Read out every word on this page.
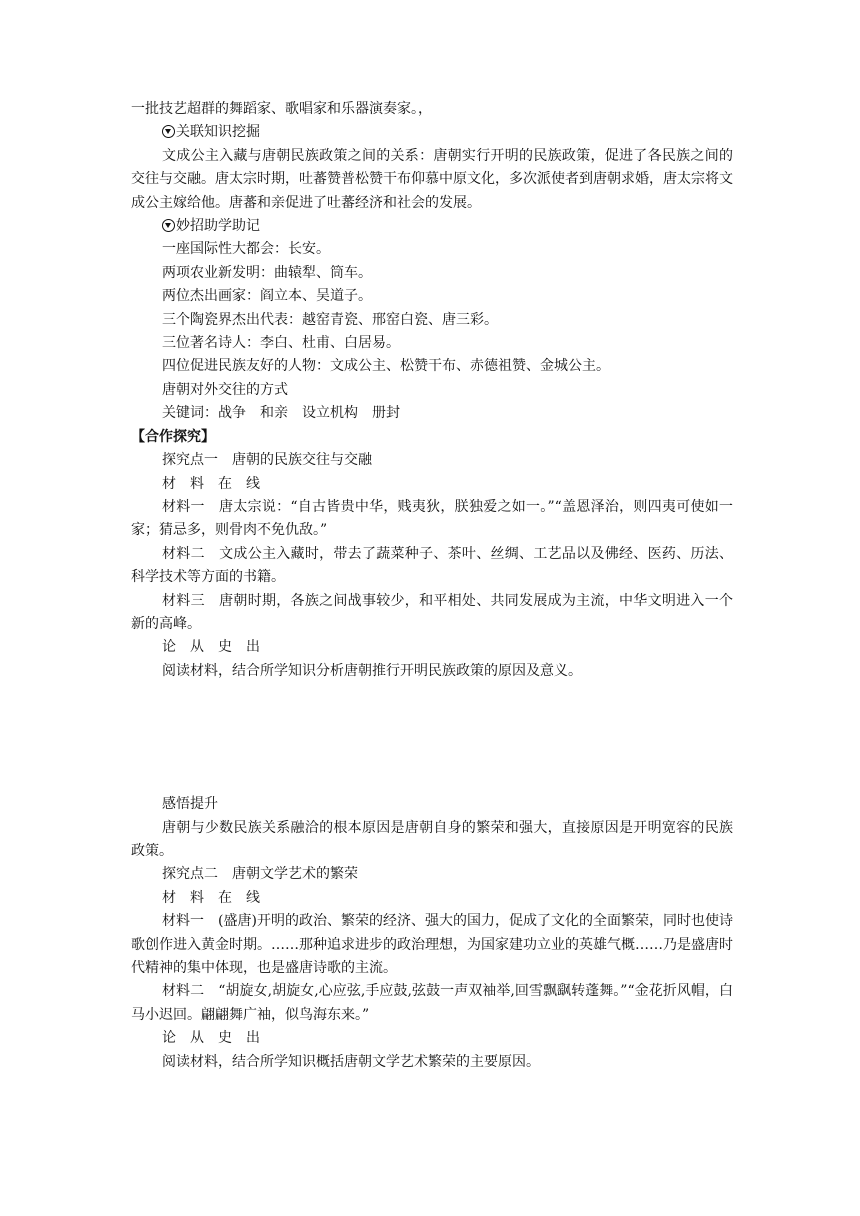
一批技艺超群的舞蹈家、歌唱家和乐器演奏家。，
关联知识挖掘
文成公主入藏与唐朝民族政策之间的关系：唐朝实行开明的民族政策，促进了各民族之间的交往与交融。唐太宗时期，吐蕃赞普松赞干布仰慕中原文化，多次派使者到唐朝求婚，唐太宗将文成公主嫁给他。唐蕃和亲促进了吐蕃经济和社会的发展。
妙招助学助记
一座国际性大都会：长安。
两项农业新发明：曲辕犁、筒车。
两位杰出画家：阎立本、吴道子。
三个陶瓷界杰出代表：越窑青瓷、邢窑白瓷、唐三彩。
三位著名诗人：李白、杜甫、白居易。
四位促进民族友好的人物：文成公主、松赞干布、赤德祖赞、金城公主。
唐朝对外交往的方式
关键词：战争　和亲　设立机构　册封
【合作探究】
探究点一　唐朝的民族交往与交融
材料在线
材料一　唐太宗说：“自古皆贵中华，贱夷狄，朕独爱之如一。”“盖恩泽治，则四夷可使如一家；猜忌多，则骨肉不免仇敌。”
材料二　文成公主入藏时，带去了蔬菜种子、茶叶、丝绸、工艺品以及佛经、医药、历法、科学技术等方面的书籍。
材料三　唐朝时期，各族之间战事较少，和平相处、共同发展成为主流，中华文明进入一个新的高峰。
论从史出
阅读材料，结合所学知识分析唐朝推行开明民族政策的原因及意义。
感悟提升
唐朝与少数民族关系融洽的根本原因是唐朝自身的繁荣和强大，直接原因是开明宽容的民族政策。
探究点二　唐朝文学艺术的繁荣
材料在线
材料一　(盛唐)开明的政治、繁荣的经济、强大的国力，促成了文化的全面繁荣，同时也使诗歌创作进入黄金时期。……那种追求进步的政治理想，为国家建功立业的英雄气概……乃是盛唐时代精神的集中体现，也是盛唐诗歌的主流。
材料二　“胡旋女,胡旋女,心应弦,手应鼓,弦鼓一声双袖举,回雪飘飖转蓬舞。”“金花折风帽，白马小迟回。翩翩舞广袖，似鸟海东来。”
论从史出
阅读材料，结合所学知识概括唐朝文学艺术繁荣的主要原因。
